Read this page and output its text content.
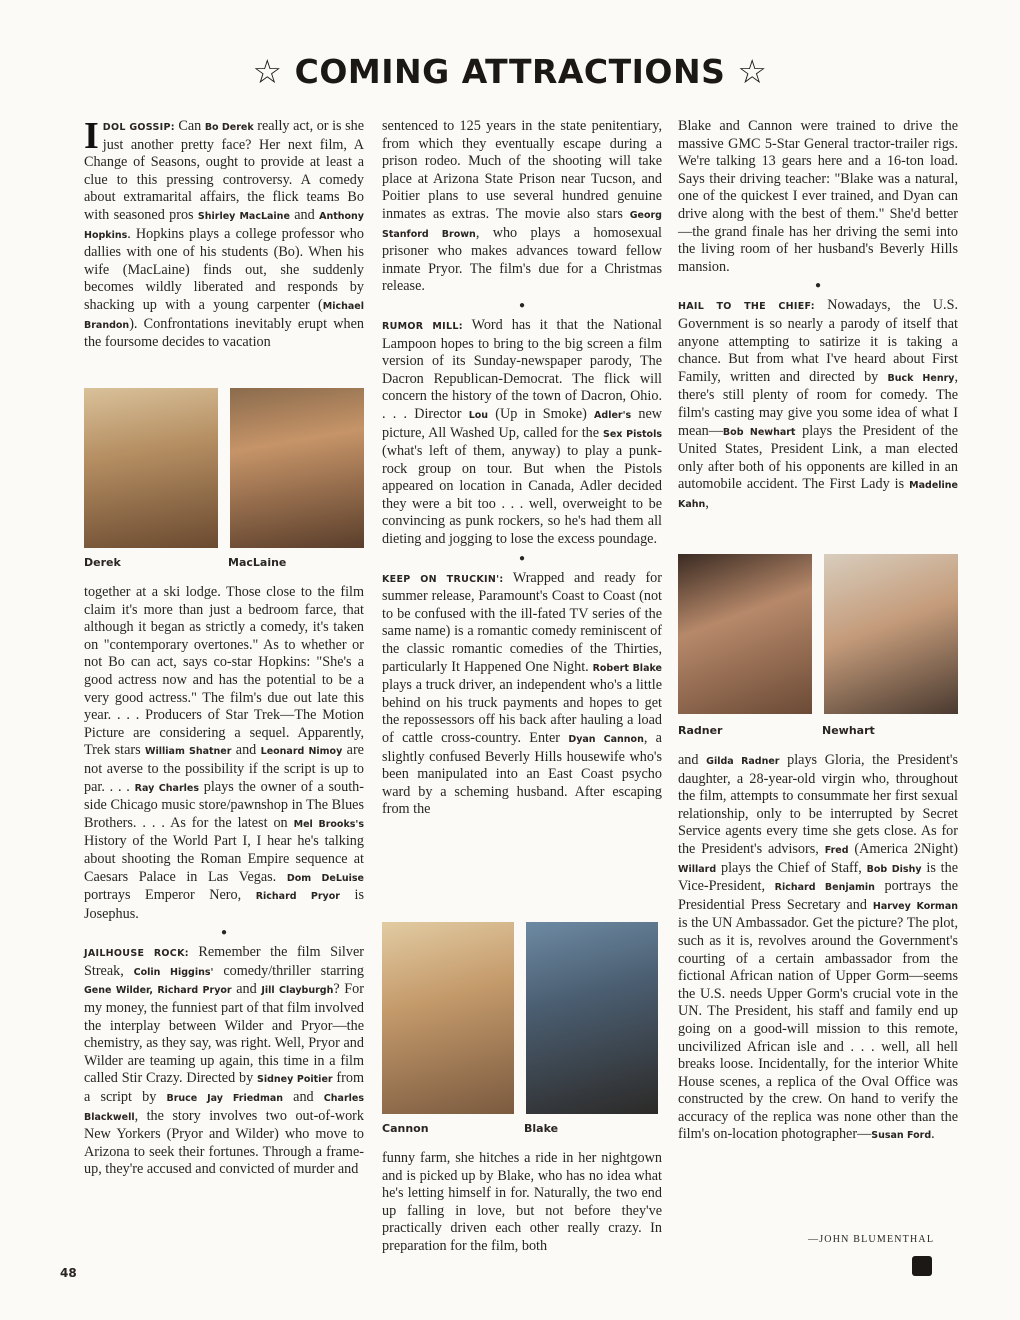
☆ COMING ATTRACTIONS ☆

IDOL GOSSIP: Can Bo Derek really act, or is she just another pretty face? Her next film, A Change of Seasons, ought to provide at least a clue to this pressing controversy. A comedy about extramarital affairs, the flick teams Bo with seasoned pros Shirley MacLaine and Anthony Hopkins. Hopkins plays a college professor who dallies with one of his students (Bo). When his wife (MacLaine) finds out, she suddenly becomes wildly liberated and responds by shacking up with a young carpenter (Michael Brandon). Confrontations inevitably erupt when the foursome decides to vacation

Derek	MacLaine

together at a ski lodge. Those close to the film claim it's more than just a bedroom farce, that although it began as strictly a comedy, it's taken on "contemporary overtones." As to whether or not Bo can act, says co-star Hopkins: "She's a good actress now and has the potential to be a very good actress." The film's due out late this year. . . . Producers of Star Trek—The Motion Picture are considering a sequel. Apparently, Trek stars William Shatner and Leonard Nimoy are not averse to the possibility if the script is up to par. . . . Ray Charles plays the owner of a south-side Chicago music store/pawnshop in The Blues Brothers. . . . As for the latest on Mel Brooks's History of the World Part I, I hear he's talking about shooting the Roman Empire sequence at Caesars Palace in Las Vegas. Dom DeLuise portrays Emperor Nero, Richard Pryor is Josephus.

●

JAILHOUSE ROCK: Remember the film Silver Streak, Colin Higgins' comedy/thriller starring Gene Wilder, Richard Pryor and Jill Clayburgh? For my money, the funniest part of that film involved the interplay between Wilder and Pryor—the chemistry, as they say, was right. Well, Pryor and Wilder are teaming up again, this time in a film called Stir Crazy. Directed by Sidney Poitier from a script by Bruce Jay Friedman and Charles Blackwell, the story involves two out-of-work New Yorkers (Pryor and Wilder) who move to Arizona to seek their fortunes. Through a frame-up, they're accused and convicted of murder and

sentenced to 125 years in the state penitentiary, from which they eventually escape during a prison rodeo. Much of the shooting will take place at Arizona State Prison near Tucson, and Poitier plans to use several hundred genuine inmates as extras. The movie also stars Georg Stanford Brown, who plays a homosexual prisoner who makes advances toward fellow inmate Pryor. The film's due for a Christmas release.

●

RUMOR MILL: Word has it that the National Lampoon hopes to bring to the big screen a film version of its Sunday-newspaper parody, The Dacron Republican-Democrat. The flick will concern the history of the town of Dacron, Ohio. . . . Director Lou (Up in Smoke) Adler's new picture, All Washed Up, called for the Sex Pistols (what's left of them, anyway) to play a punk-rock group on tour. But when the Pistols appeared on location in Canada, Adler decided they were a bit too . . . well, overweight to be convincing as punk rockers, so he's had them all dieting and jogging to lose the excess poundage.

●

KEEP ON TRUCKIN': Wrapped and ready for summer release, Paramount's Coast to Coast (not to be confused with the ill-fated TV series of the same name) is a romantic comedy reminiscent of the classic romantic comedies of the Thirties, particularly It Happened One Night. Robert Blake plays a truck driver, an independent who's a little behind on his truck payments and hopes to get the repossessors off his back after hauling a load of cattle cross-country. Enter Dyan Cannon, a slightly confused Beverly Hills housewife who's been manipulated into an East Coast psycho ward by a scheming husband. After escaping from the

Cannon	Blake

funny farm, she hitches a ride in her nightgown and is picked up by Blake, who has no idea what he's letting himself in for. Naturally, the two end up falling in love, but not before they've practically driven each other really crazy. In preparation for the film, both

Blake and Cannon were trained to drive the massive GMC 5-Star General tractor-trailer rigs. We're talking 13 gears here and a 16-ton load. Says their driving teacher: "Blake was a natural, one of the quickest I ever trained, and Dyan can drive along with the best of them." She'd better—the grand finale has her driving the semi into the living room of her husband's Beverly Hills mansion.

●

HAIL TO THE CHIEF: Nowadays, the U.S. Government is so nearly a parody of itself that anyone attempting to satirize it is taking a chance. But from what I've heard about First Family, written and directed by Buck Henry, there's still plenty of room for comedy. The film's casting may give you some idea of what I mean—Bob Newhart plays the President of the United States, President Link, a man elected only after both of his opponents are killed in an automobile accident. The First Lady is Madeline Kahn,

Radner	Newhart

and Gilda Radner plays Gloria, the President's daughter, a 28-year-old virgin who, throughout the film, attempts to consummate her first sexual relationship, only to be interrupted by Secret Service agents every time she gets close. As for the President's advisors, Fred (America 2Night) Willard plays the Chief of Staff, Bob Dishy is the Vice-President, Richard Benjamin portrays the Presidential Press Secretary and Harvey Korman is the UN Ambassador. Get the picture? The plot, such as it is, revolves around the Government's courting of a certain ambassador from the fictional African nation of Upper Gorm—seems the U.S. needs Upper Gorm's crucial vote in the UN. The President, his staff and family end up going on a good-will mission to this remote, uncivilized African isle and . . . well, all hell breaks loose. Incidentally, for the interior White House scenes, a replica of the Oval Office was constructed by the crew. On hand to verify the accuracy of the replica was none other than the film's on-location photographer—Susan Ford.

—JOHN BLUMENTHAL
48
